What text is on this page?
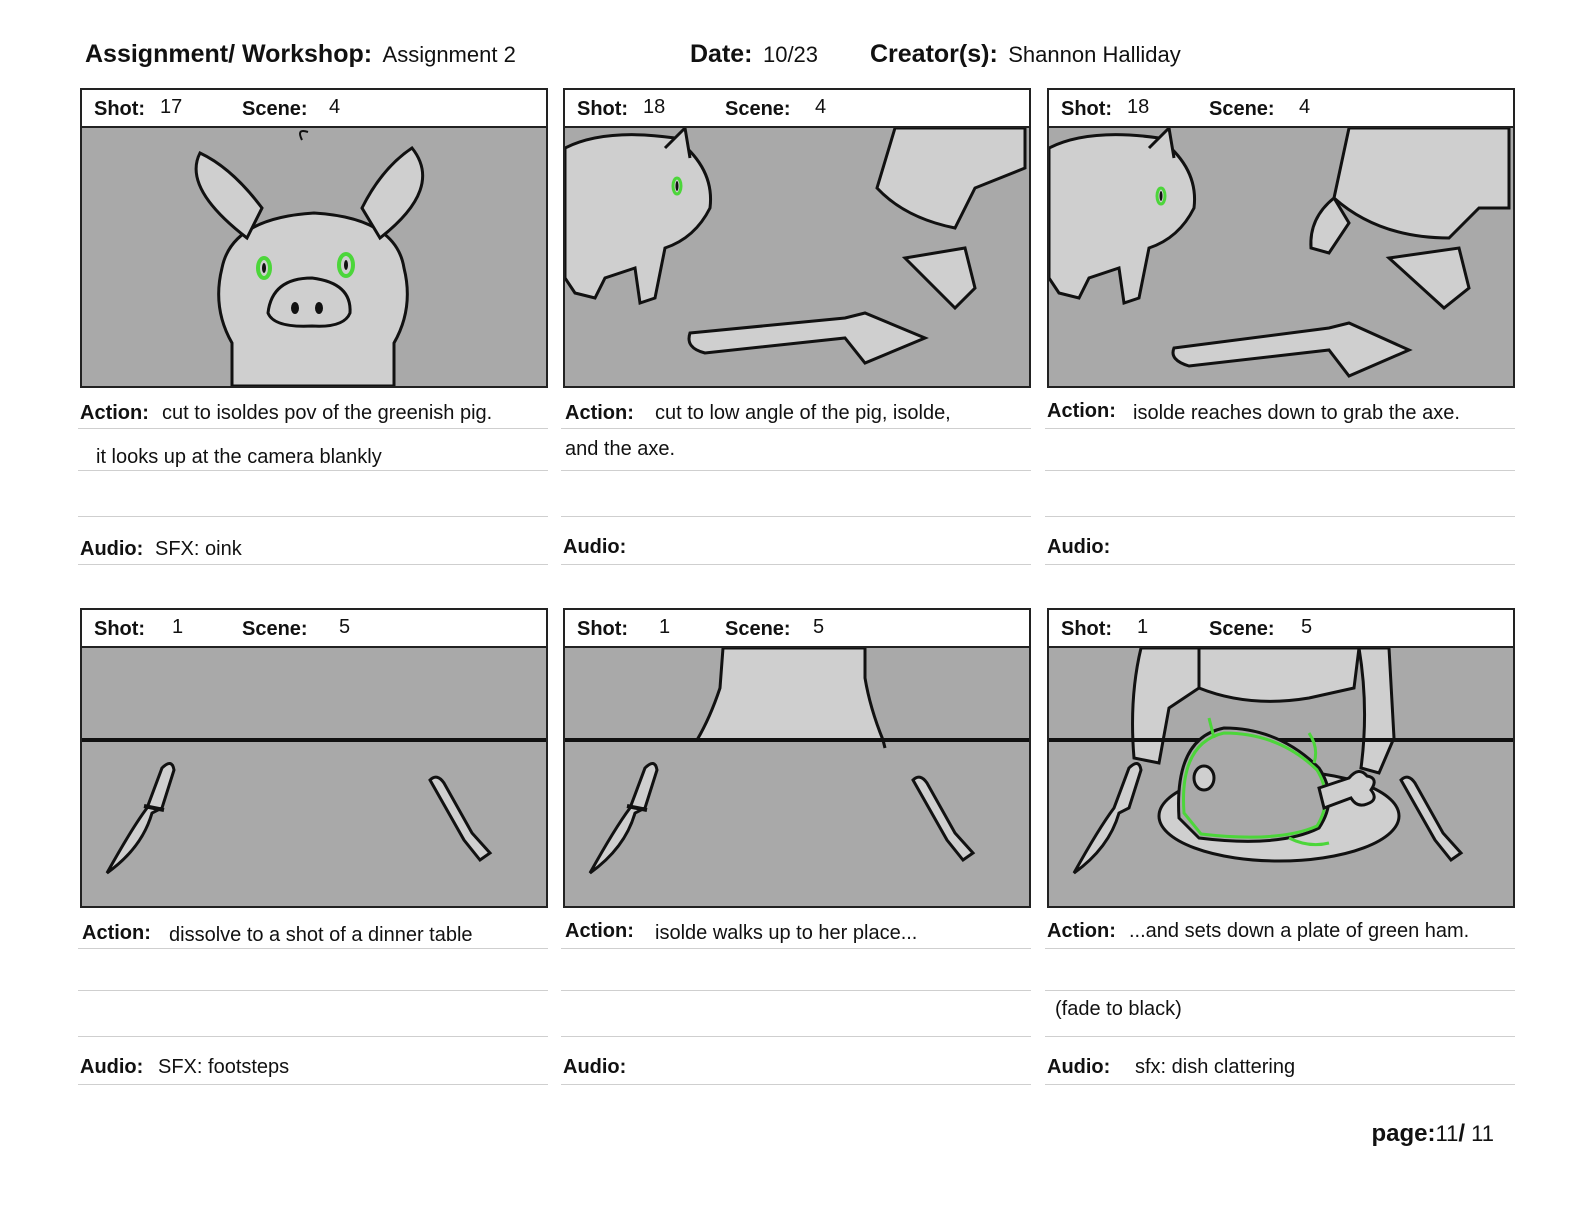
Assignment/ Workshop: Assignment 2	Date: 10/23 Creator(s): Shannon Halliday
Shot: 17	Scene: 4
Action: cut to isoldes pov of the greenish pig.
it looks up at the camera blankly
Audio: SFX: oink
Shot: 18	Scene: 4
Action: cut to low angle of the pig, isolde,
and the axe.
Audio:
Shot: 18	Scene: 4
Action: isolde reaches down to grab the axe.
Audio:
Shot: 1	Scene: 5
Action: dissolve to a shot of a dinner table
Audio: SFX: footsteps
Shot: 1	Scene: 5
Action: isolde walks up to her place...
Audio:
Shot: 1	Scene: 5
Action: ...and sets down a plate of green ham.
(fade to black)
Audio: sfx: dish clattering
page:11/ 11
